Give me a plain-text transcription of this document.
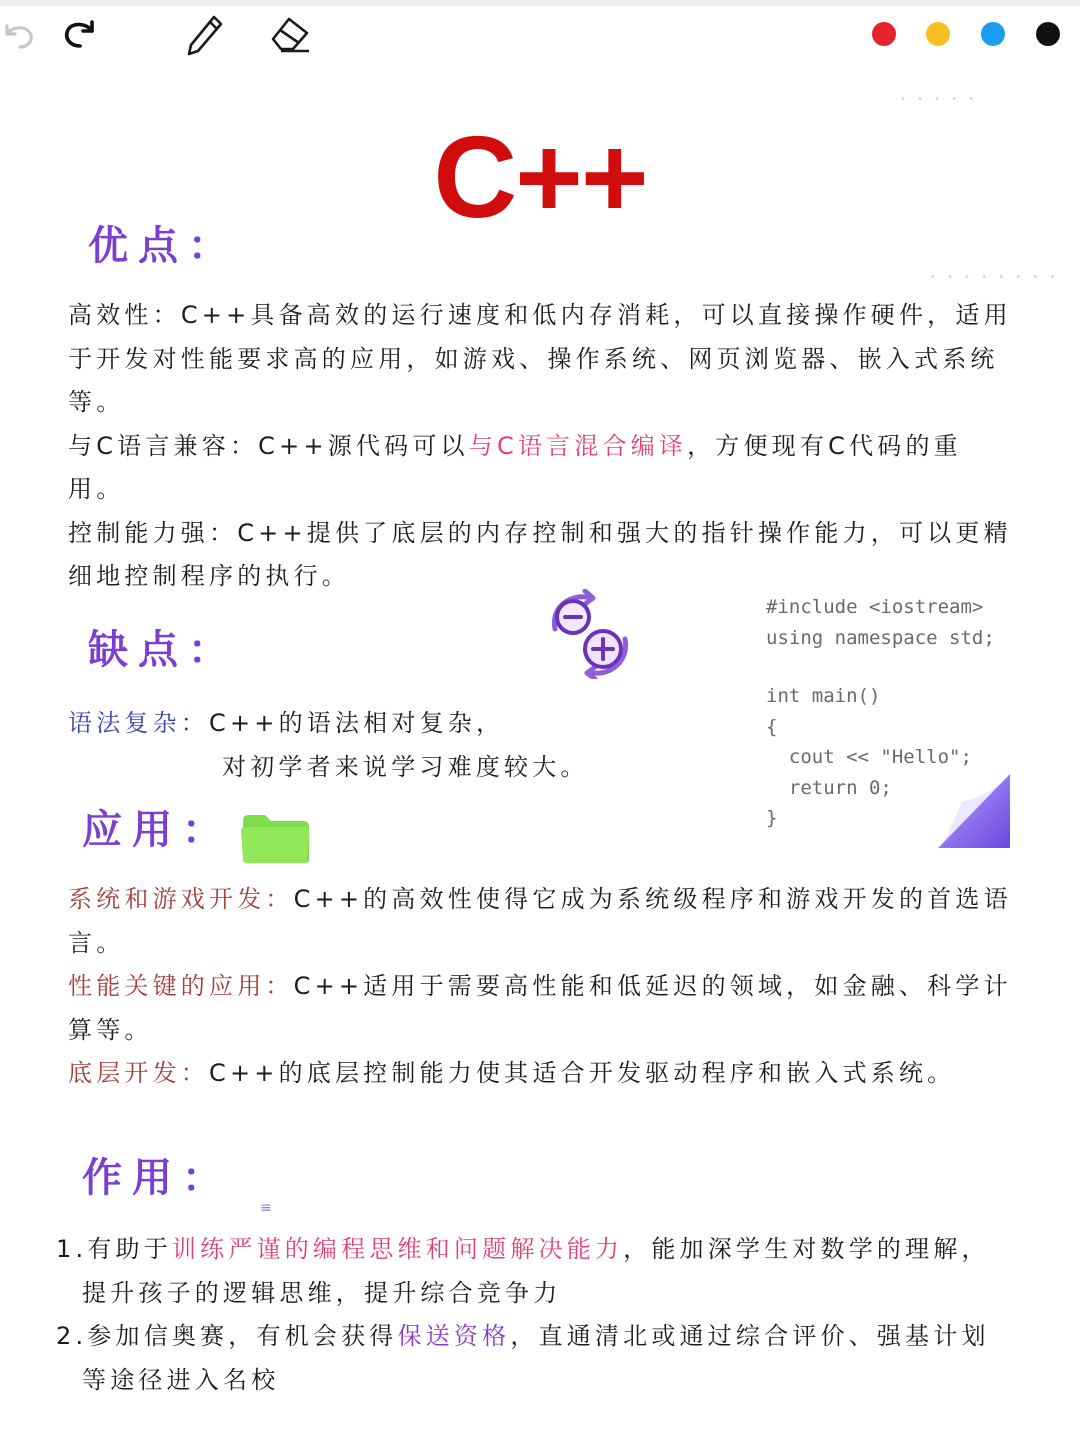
• • • • •
• • • • • • • •
C++
优点：

高效性：C++具备高效的运行速度和低内存消耗，可以直接操作硬件，适用于开发对性能要求高的应用，如游戏、操作系统、网页浏览器、嵌入式系统等。

与C语言兼容：C++源代码可以与C语言混合编译，方便现有C代码的重用。

控制能力强：C++提供了底层的内存控制和强大的指针操作能力，可以更精细地控制程序的执行。

缺点：

语法复杂：C++的语法相对复杂，

对初学者来说学习难度较大。

#include <iostream>
using namespace std;
int main()
{
cout << "Hello";
return 0;
}
应用：

系统和游戏开发：C++的高效性使得它成为系统级程序和游戏开发的首选语言。

性能关键的应用：C++适用于需要高性能和低延迟的领域，如金融、科学计算等。

底层开发：C++的底层控制能力使其适合开发驱动程序和嵌入式系统。

作用：
≡

1.有助于训练严谨的编程思维和问题解决能力，能加深学生对数学的理解，提升孩子的逻辑思维，提升综合竞争力

2.参加信奥赛，有机会获得保送资格，直通清北或通过综合评价、强基计划等途径进入名校
